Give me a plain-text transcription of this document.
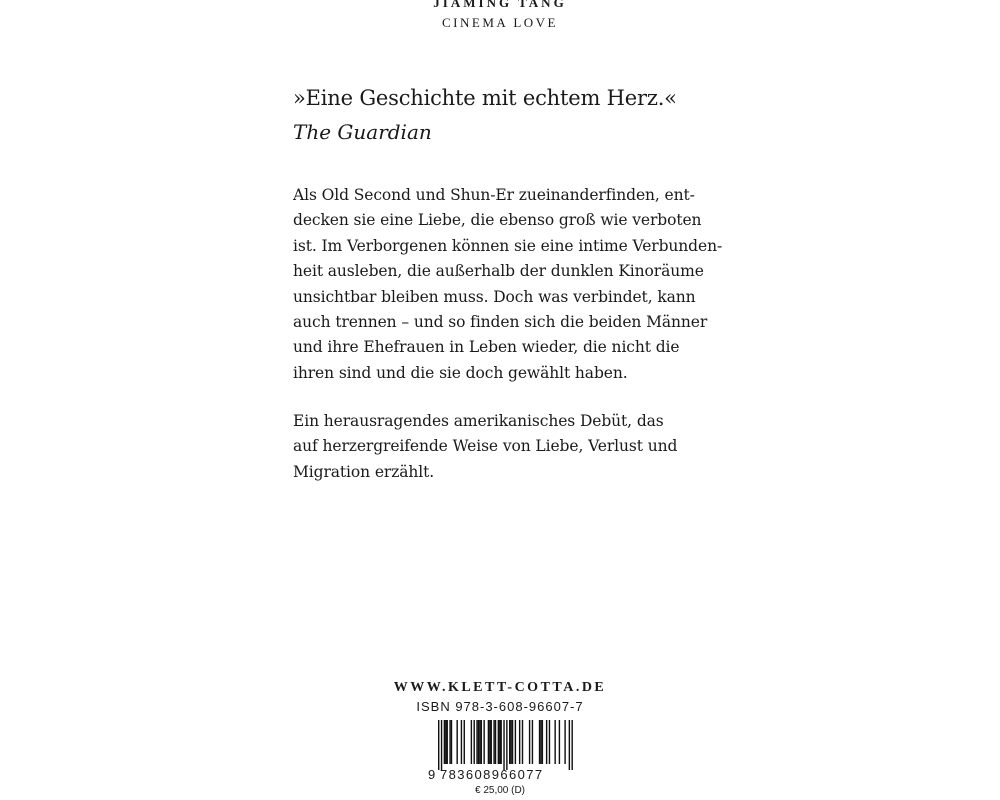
JIAMING TANG
CINEMA LOVE
»Eine Geschichte mit echtem Herz.«
The Guardian
Als Old Second und Shun-Er zueinanderfinden, ent-
decken sie eine Liebe, die ebenso groß wie verboten
ist. Im Verborgenen können sie eine intime Verbunden-
heit ausleben, die außerhalb der dunklen Kinoräume
unsichtbar bleiben muss. Doch was verbindet, kann
auch trennen – und so finden sich die beiden Männer
und ihre Ehefrauen in Leben wieder, die nicht die
ihren sind und die sie doch gewählt haben.
Ein herausragendes amerikanisches Debüt, das
auf herzergreifende Weise von Liebe, Verlust und
Migration erzählt.
WWW.KLETT-COTTA.DE
ISBN 978-3-608-96607-7
9 783608966077
€ 25,00 (D)
